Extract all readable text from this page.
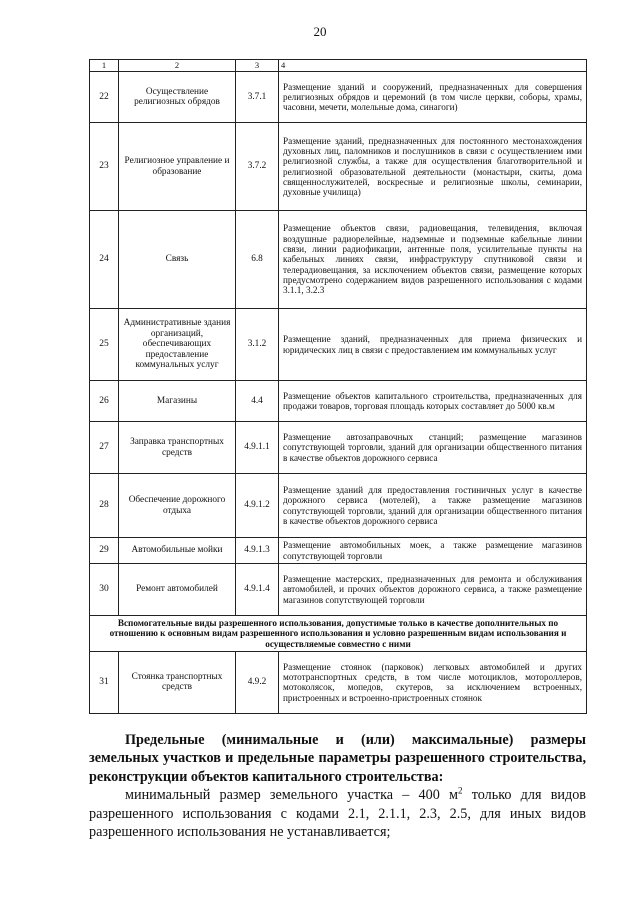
20
1	2	3	4
22	Осуществление религиозных обрядов	3.7.1	Размещение зданий и сооружений, предназначенных для совершения религиозных обрядов и церемоний (в том числе церкви, соборы, храмы, часовни, мечети, молельные дома, синагоги)
23	Религиозное управление и образование	3.7.2	Размещение зданий, предназначенных для постоянного местонахождения духовных лиц, паломников и послушников в связи с осуществлением ими религиозной службы, а также для осуществления благотворительной и религиозной образовательной деятельности (монастыри, скиты, дома священнослужителей, воскресные и религиозные школы, семинарии, духовные училища)
24	Связь	6.8	Размещение объектов связи, радиовещания, телевидения, включая воздушные радиорелейные, надземные и подземные кабельные линии связи, линии радиофикации, антенные поля, усилительные пункты на кабельных линиях связи, инфраструктуру спутниковой связи и телерадиовещания, за исключением объектов связи, размещение которых предусмотрено содержанием видов разрешенного использования с кодами 3.1.1, 3.2.3
25	Административные здания организаций, обеспечивающих предоставление коммунальных услуг	3.1.2	Размещение зданий, предназначенных для приема физических и юридических лиц в связи с предоставлением им коммунальных услуг
26	Магазины	4.4	Размещение объектов капитального строительства, предназначенных для продажи товаров, торговая площадь которых составляет до 5000 кв.м
27	Заправка транспортных средств	4.9.1.1	Размещение автозаправочных станций; размещение магазинов сопутствующей торговли, зданий для организации общественного питания в качестве объектов дорожного сервиса
28	Обеспечение дорожного отдыха	4.9.1.2	Размещение зданий для предоставления гостиничных услуг в качестве дорожного сервиса (мотелей), а также размещение магазинов сопутствующей торговли, зданий для организации общественного питания в качестве объектов дорожного сервиса
29	Автомобильные мойки	4.9.1.3	Размещение автомобильных моек, а также размещение магазинов сопутствующей торговли
30	Ремонт автомобилей	4.9.1.4	Размещение мастерских, предназначенных для ремонта и обслуживания автомобилей, и прочих объектов дорожного сервиса, а также размещение магазинов сопутствующей торговли
Вспомогательные виды разрешенного использования, допустимые только в качестве дополнительных по отношению к основным видам разрешенного использования и условно разрешенным видам использования и осуществляемые совместно с ними			
31	Стоянка транспортных средств	4.9.2	Размещение стоянок (парковок) легковых автомобилей и других мототранспортных средств, в том числе мотоциклов, мотороллеров, мотоколясок, мопедов, скутеров, за исключением встроенных, пристроенных и встроенно-пристроенных стоянок

Предельные (минимальные и (или) максимальные) размеры земельных участков и предельные параметры разрешенного строительства, реконструкции объектов капитального строительства:

минимальный размер земельного участка – 400 $м^2$ только для видов разрешенного использования с кодами 2.1, 2.1.1, 2.3, 2.5, для иных видов разрешенного использования не устанавливается;
